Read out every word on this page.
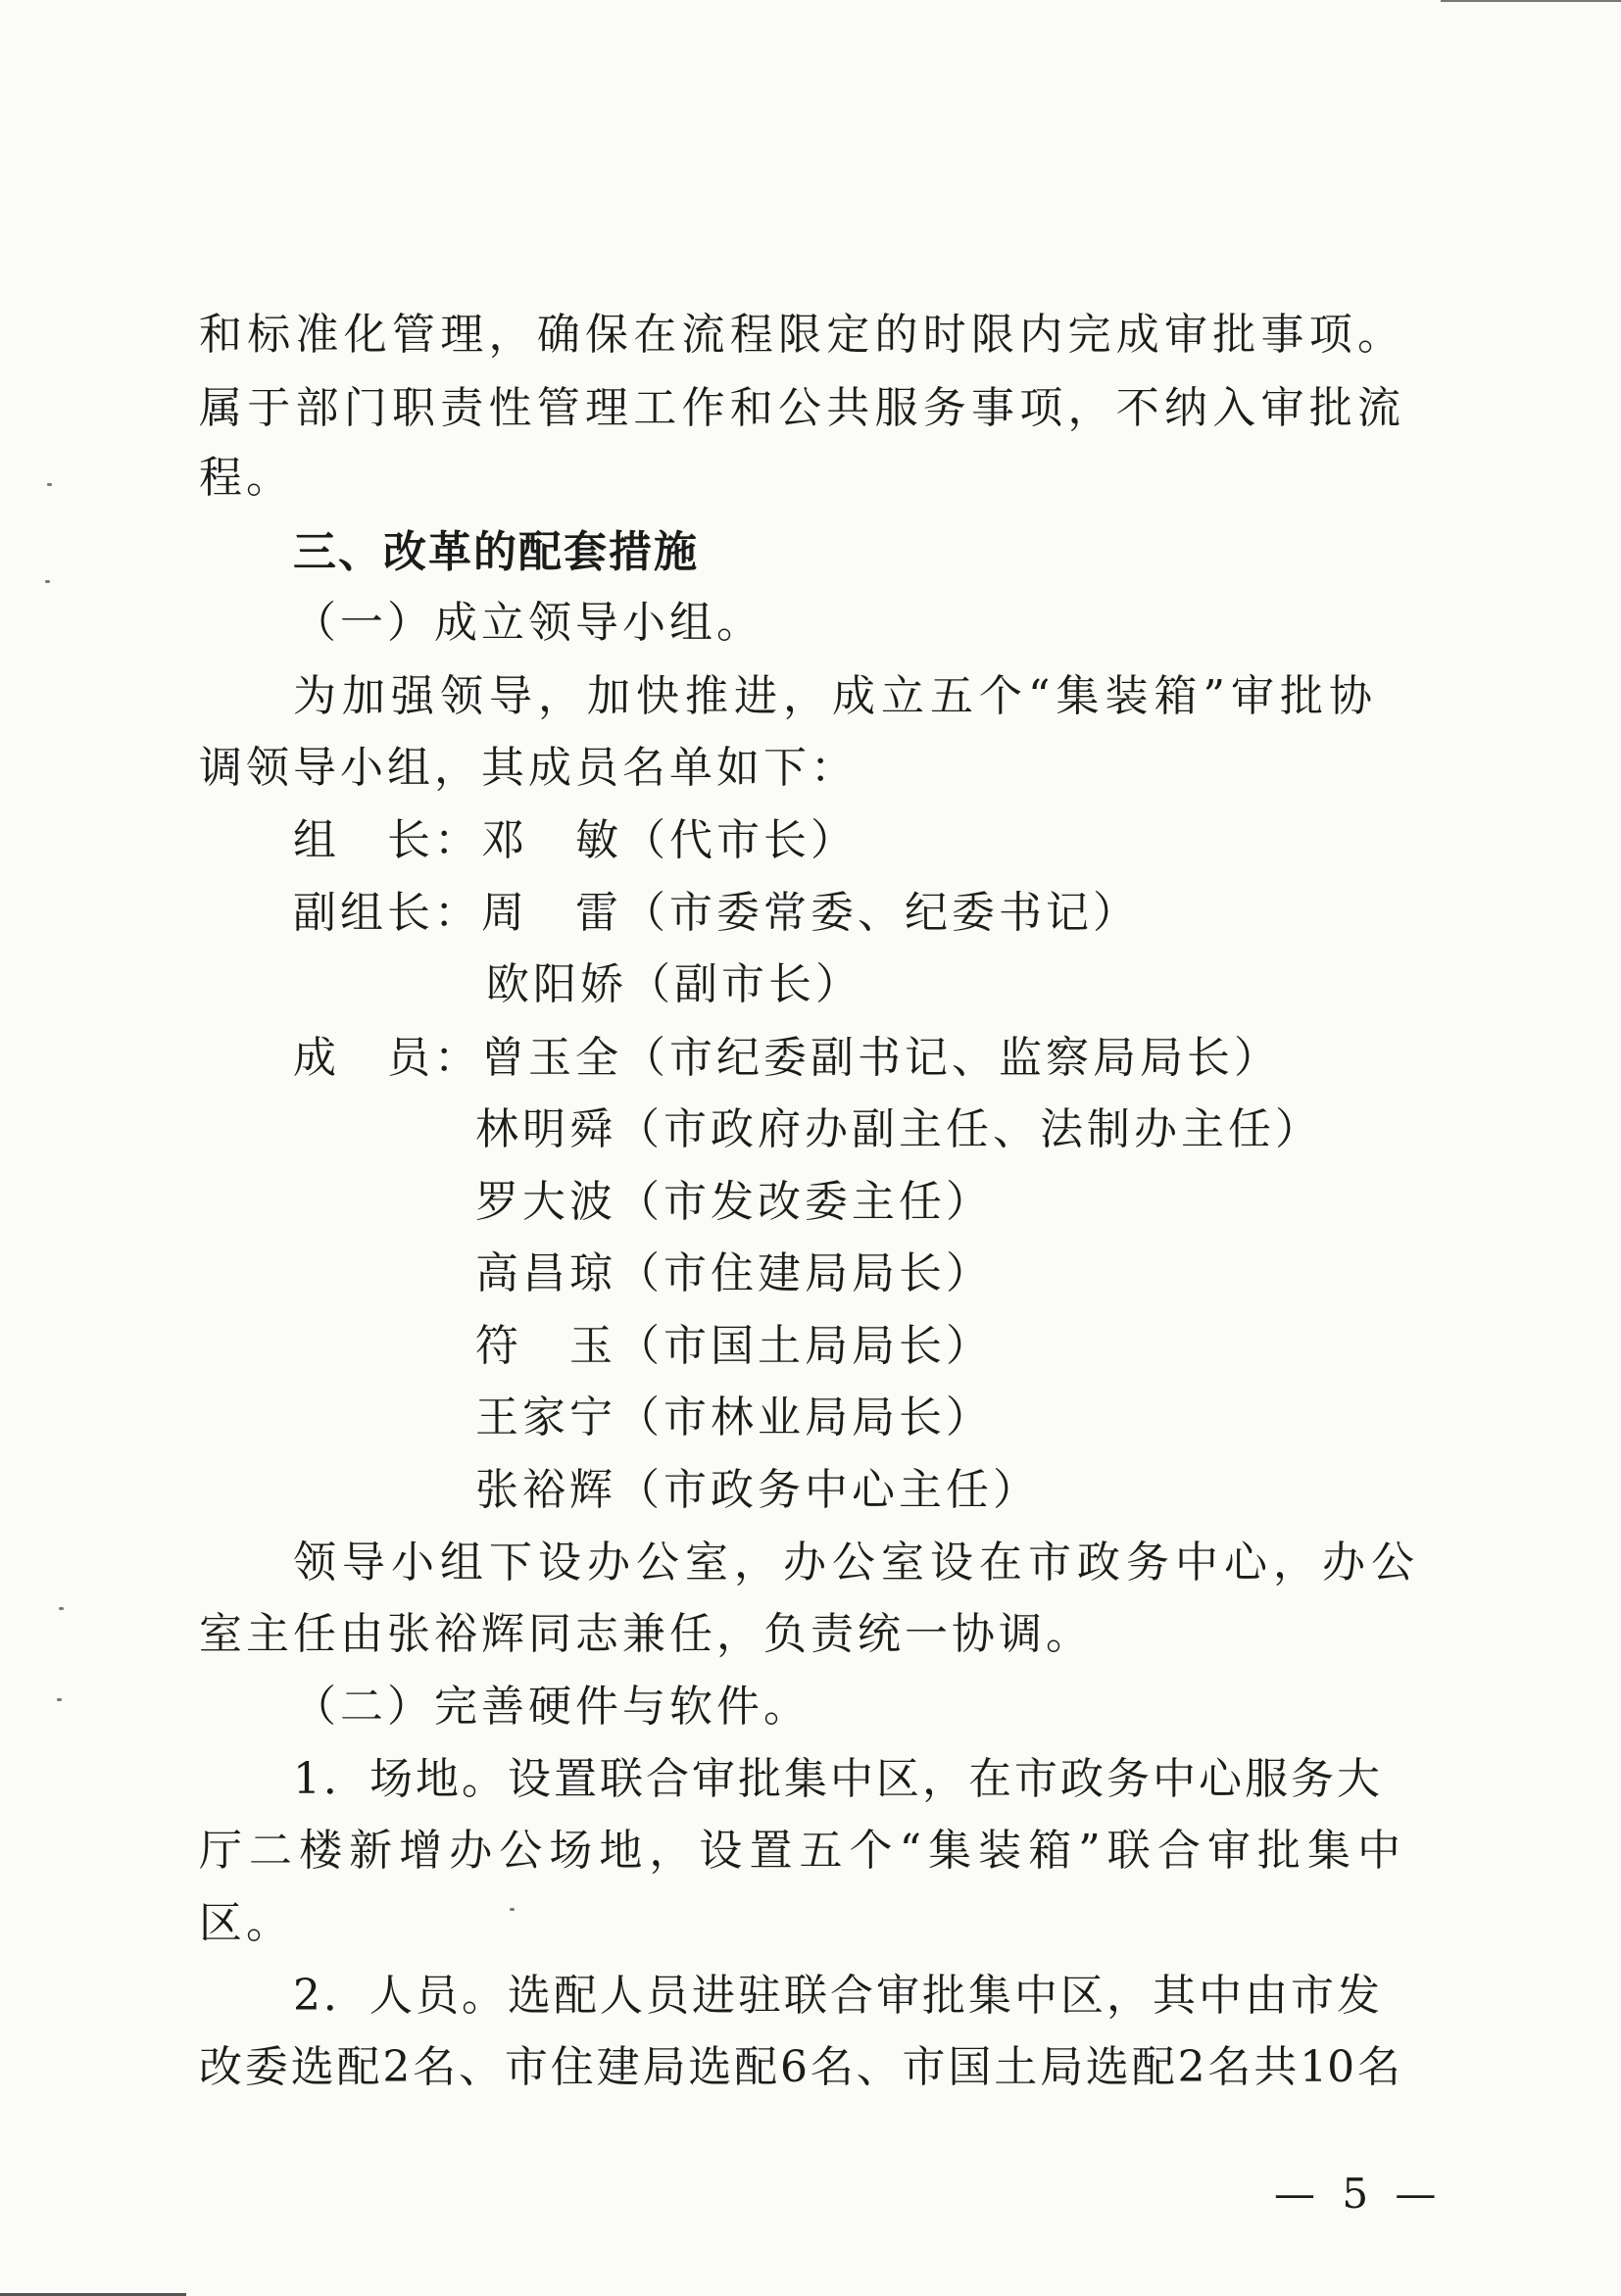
和标准化管理，确保在流程限定的时限内完成审批事项。
属于部门职责性管理工作和公共服务事项，不纳入审批流
程。
三、改革的配套措施
（一）成立领导小组。
为加强领导，加快推进，成立五个“集装箱”审批协
调领导小组，其成员名单如下：
组　长：邓　敏（代市长）
副组长：周　雷（市委常委、纪委书记）
欧阳娇（副市长）
成　员：曾玉全（市纪委副书记、监察局局长）
林明舜（市政府办副主任、法制办主任）
罗大波（市发改委主任）
高昌琼（市住建局局长）
符　玉（市国土局局长）
王家宁（市林业局局长）
张裕辉（市政务中心主任）
领导小组下设办公室，办公室设在市政务中心，办公
室主任由张裕辉同志兼任，负责统一协调。
（二）完善硬件与软件。
1．场地。设置联合审批集中区，在市政务中心服务大
厅二楼新增办公场地，设置五个“集装箱”联合审批集中
区。
2．人员。选配人员进驻联合审批集中区，其中由市发
改委选配2名、市住建局选配6名、市国土局选配2名共10名
— 5 —
